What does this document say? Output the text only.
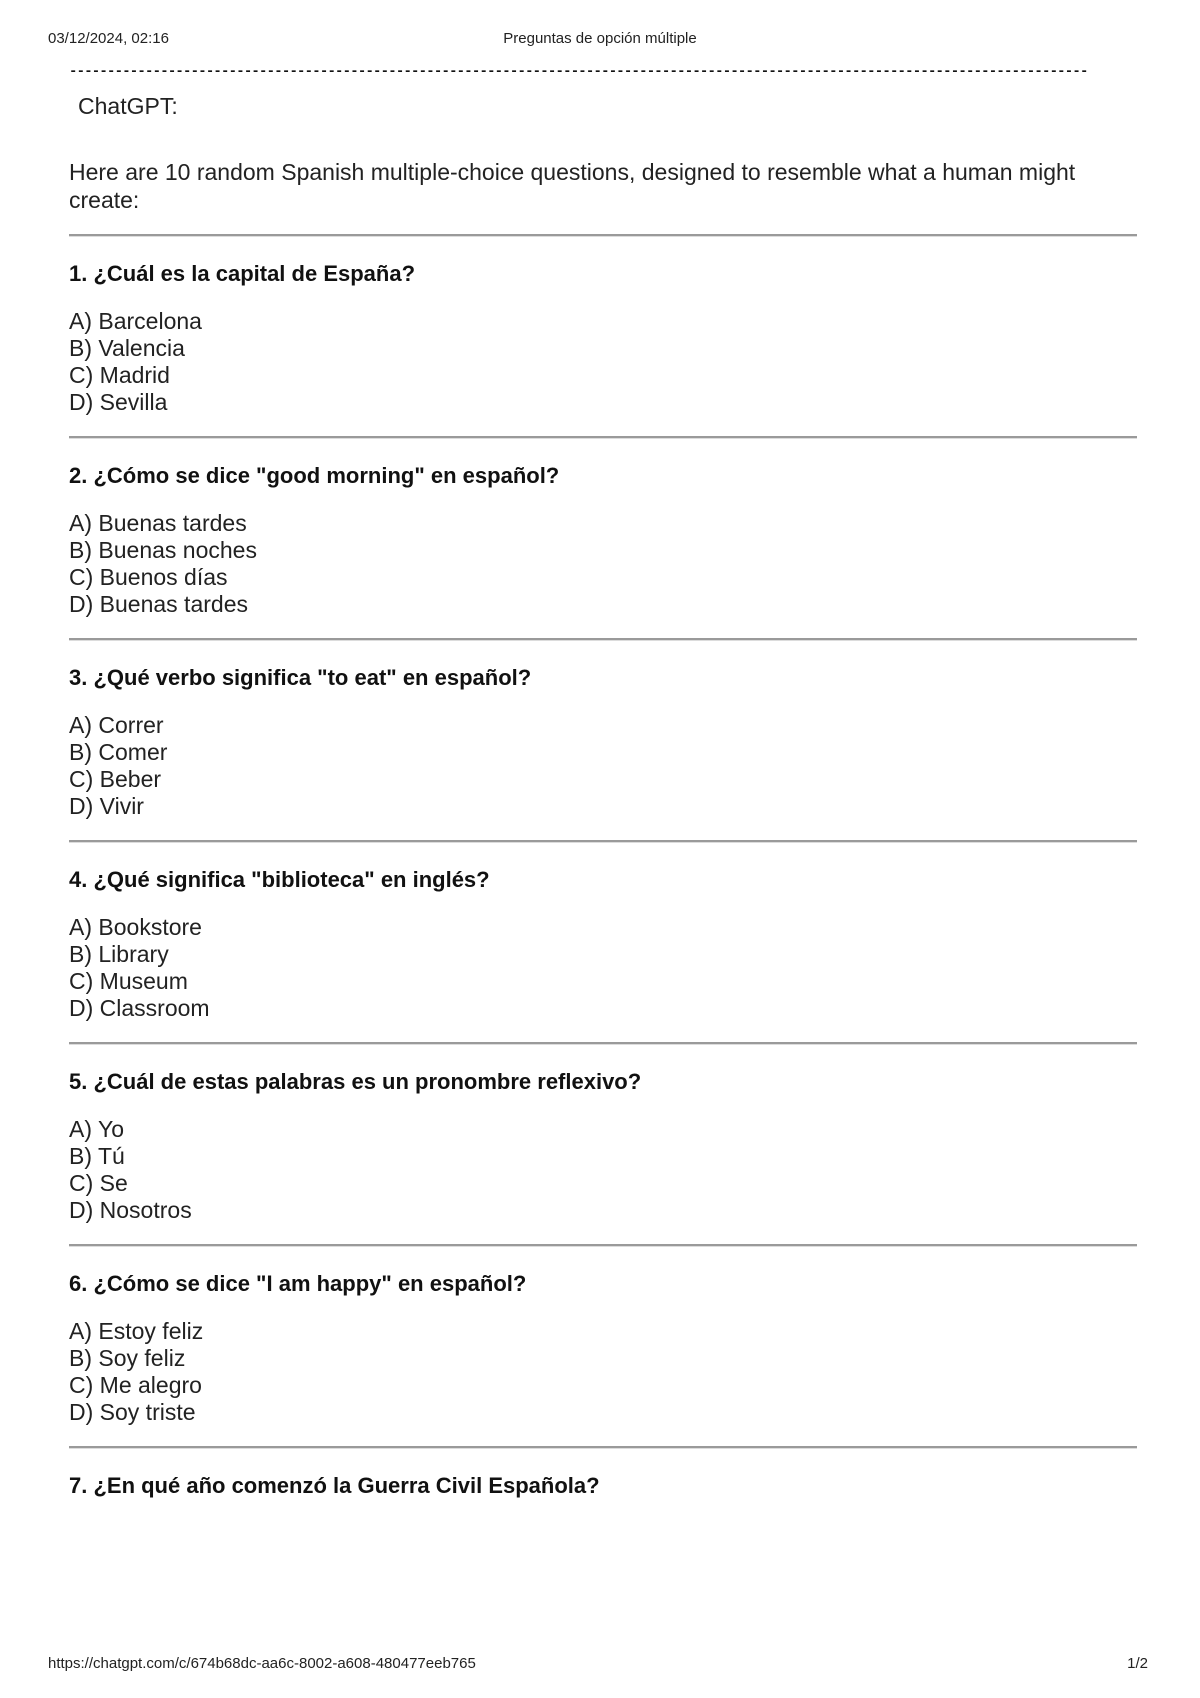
03/12/2024, 02:16	Preguntas de opción múltiple
--------------------------------------------------------------------------------------------------------------------------------------
ChatGPT:
Here are 10 random Spanish multiple-choice questions, designed to resemble what a human might create:
1. ¿Cuál es la capital de España?
A) Barcelona
B) Valencia
C) Madrid
D) Sevilla
2. ¿Cómo se dice "good morning" en español?
A) Buenas tardes
B) Buenas noches
C) Buenos días
D) Buenas tardes
3. ¿Qué verbo significa "to eat" en español?
A) Correr
B) Comer
C) Beber
D) Vivir
4. ¿Qué significa "biblioteca" en inglés?
A) Bookstore
B) Library
C) Museum
D) Classroom
5. ¿Cuál de estas palabras es un pronombre reflexivo?
A) Yo
B) Tú
C) Se
D) Nosotros
6. ¿Cómo se dice "I am happy" en español?
A) Estoy feliz
B) Soy feliz
C) Me alegro
D) Soy triste
7. ¿En qué año comenzó la Guerra Civil Española?
https://chatgpt.com/c/674b68dc-aa6c-8002-a608-480477eeb765	1/2
